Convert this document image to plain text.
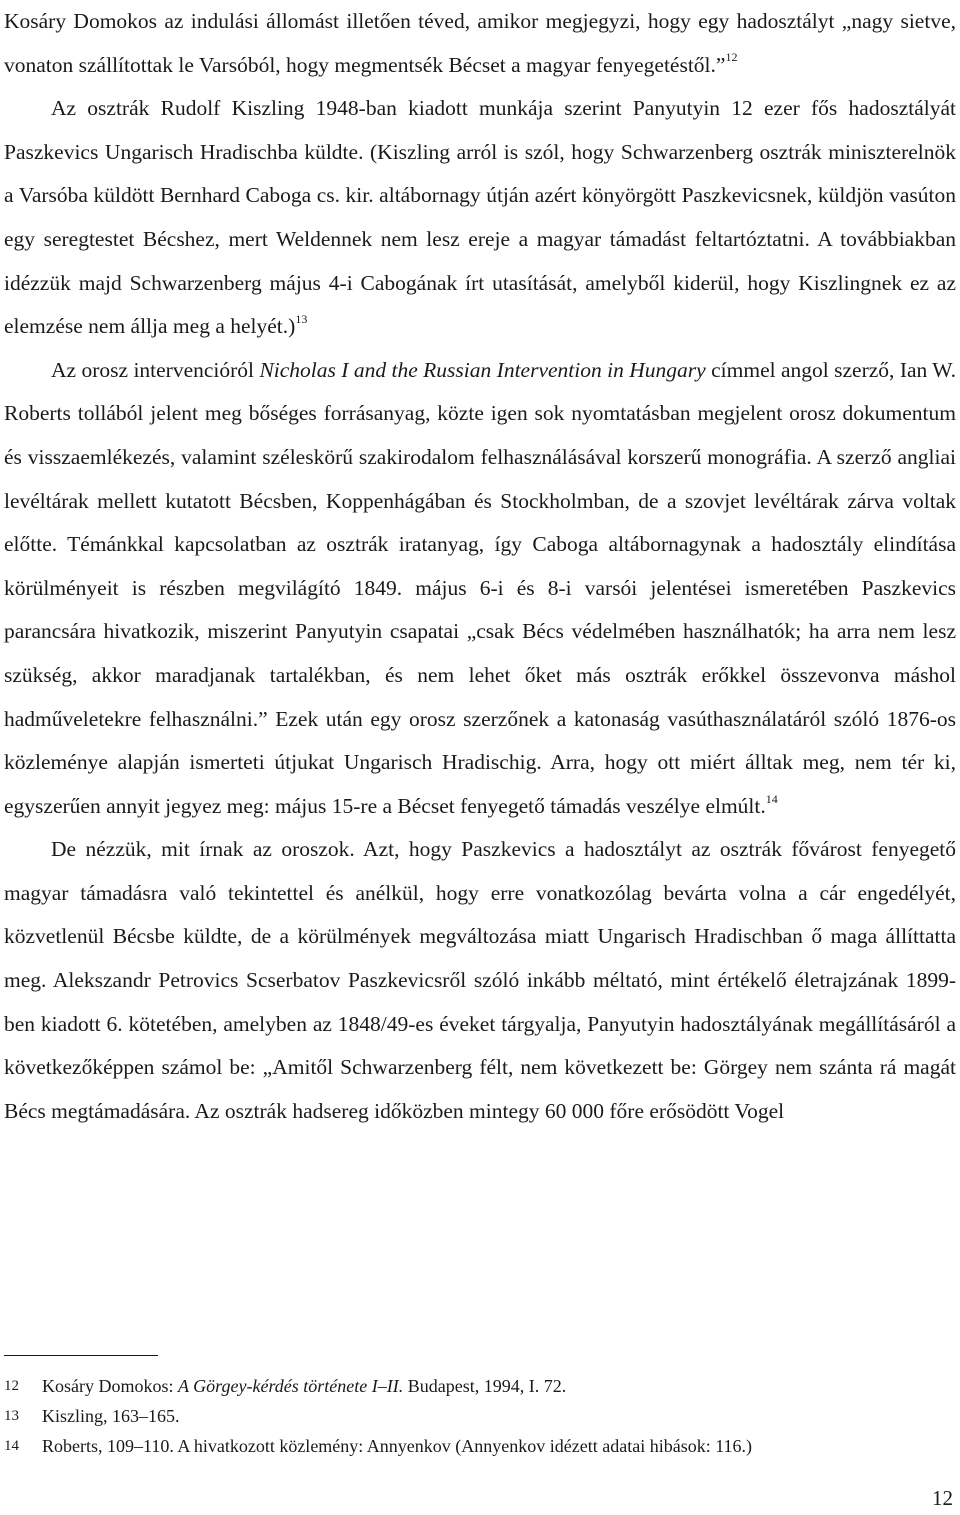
Kosáry Domokos az indulási állomást illetően téved, amikor megjegyzi, hogy egy hadosztályt „nagy sietve, vonaton szállítottak le Varsóból, hogy megmentsék Bécset a magyar fenyegetéstől.”$^{12}$

Az osztrák Rudolf Kiszling 1948-ban kiadott munkája szerint Panyutyin 12 ezer fős hadosztályát Paszkevics Ungarisch Hradischba küldte. (Kiszling arról is szól, hogy Schwarzenberg osztrák miniszterelnök a Varsóba küldött Bernhard Caboga cs. kir. altábornagy útján azért könyörgött Paszkevicsnek, küldjön vasúton egy seregtestet Bécshez, mert Weldennek nem lesz ereje a magyar támadást feltartóztatni. A továbbiakban idézzük majd Schwarzenberg május 4-i Cabogának írt utasítását, amelyből kiderül, hogy Kiszlingnek ez az elemzése nem állja meg a helyét.)$^{13}$

Az orosz intervencióról Nicholas I and the Russian Intervention in Hungary címmel angol szerző, Ian W. Roberts tollából jelent meg bőséges forrásanyag, közte igen sok nyomtatásban megjelent orosz dokumentum és visszaemlékezés, valamint széleskörű szakirodalom felhasználásával korszerű monográfia. A szerző angliai levéltárak mellett kutatott Bécsben, Koppenhágában és Stockholmban, de a szovjet levéltárak zárva voltak előtte. Témánkkal kapcsolatban az osztrák iratanyag, így Caboga altábornagynak a hadosztály elindítása körülményeit is részben megvilágító 1849. május 6-i és 8-i varsói jelentései ismeretében Paszkevics parancsára hivatkozik, miszerint Panyutyin csapatai „csak Bécs védelmében használhatók; ha arra nem lesz szükség, akkor maradjanak tartalékban, és nem lehet őket más osztrák erőkkel összevonva máshol hadműveletekre felhasználni.” Ezek után egy orosz szerzőnek a katonaság vasúthasználatáról szóló 1876-os közleménye alapján ismerteti útjukat Ungarisch Hradischig. Arra, hogy ott miért álltak meg, nem tér ki, egyszerűen annyit jegyez meg: május 15-re a Bécset fenyegető támadás veszélye elmúlt.$^{14}$

De nézzük, mit írnak az oroszok. Azt, hogy Paszkevics a hadosztályt az osztrák fővárost fenyegető magyar támadásra való tekintettel és anélkül, hogy erre vonatkozólag bevárta volna a cár engedélyét, közvetlenül Bécsbe küldte, de a körülmények megváltozása miatt Ungarisch Hradischban ő maga állíttatta meg. Alekszandr Petrovics Scserbatov Paszkevicsről szóló inkább méltató, mint értékelő életrajzának 1899-ben kiadott 6. kötetében, amelyben az 1848/49-es éveket tárgyalja, Panyutyin hadosztályának megállításáról a következőképpen számol be: „Amitől Schwarzenberg félt, nem következett be: Görgey nem szánta rá magát Bécs megtámadására. Az osztrák hadsereg időközben mintegy 60 000 főre erősödött Vogel

12	Kosáry Domokos: A Görgey-kérdés története I–II. Budapest, 1994, I. 72.
13	Kiszling, 163–165.
14	Roberts, 109–110. A hivatkozott közlemény: Annyenkov (Annyenkov idézett adatai hibások: 116.)
12
